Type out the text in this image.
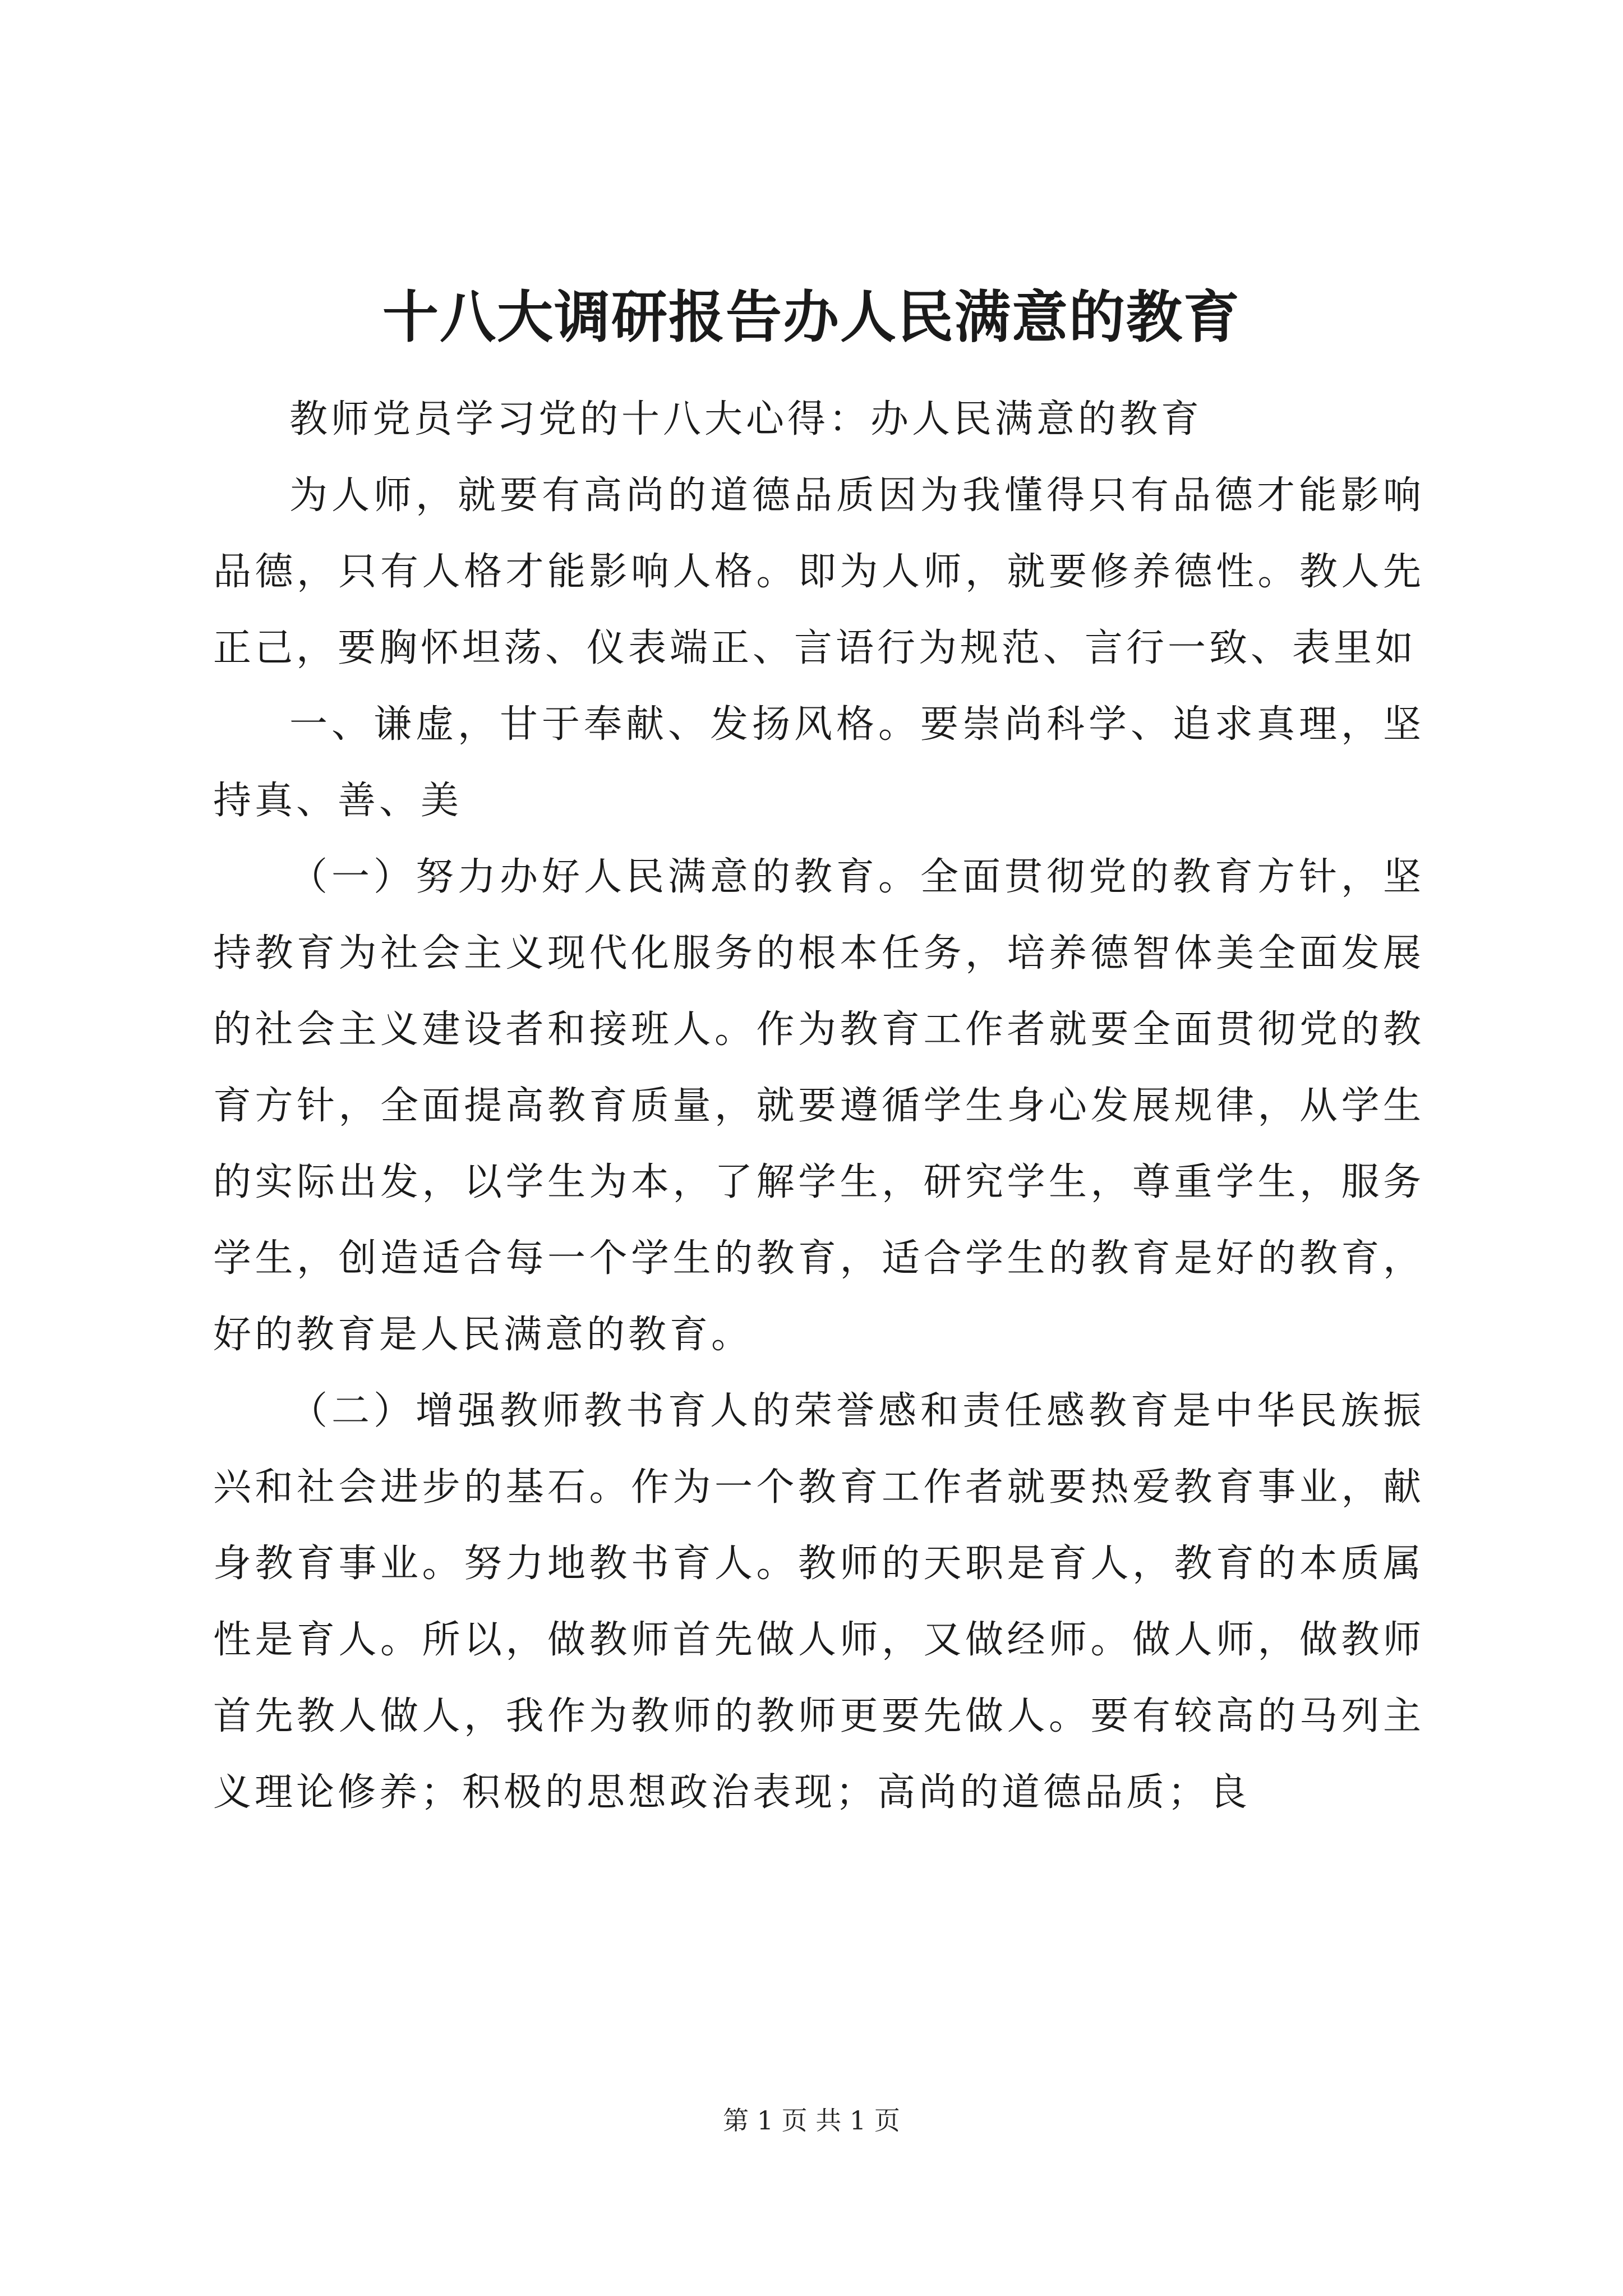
十八大调研报告办人民满意的教育

教师党员学习党的十八大心得：办人民满意的教育

为人师，就要有高尚的道德品质因为我懂得只有品德才能影响品德，只有人格才能影响人格。即为人师，就要修养德性。教人先正己，要胸怀坦荡、仪表端正、言语行为规范、言行一致、表里如

一、谦虚，甘于奉献、发扬风格。要崇尚科学、追求真理，坚持真、善、美

（一）努力办好人民满意的教育。全面贯彻党的教育方针，坚持教育为社会主义现代化服务的根本任务，培养德智体美全面发展的社会主义建设者和接班人。作为教育工作者就要全面贯彻党的教育方针，全面提高教育质量，就要遵循学生身心发展规律，从学生的实际出发，以学生为本，了解学生，研究学生，尊重学生，服务学生，创造适合每一个学生的教育，适合学生的教育是好的教育，好的教育是人民满意的教育。

（二）增强教师教书育人的荣誉感和责任感教育是中华民族振兴和社会进步的基石。作为一个教育工作者就要热爱教育事业，献身教育事业。努力地教书育人。教师的天职是育人，教育的本质属性是育人。所以，做教师首先做人师，又做经师。做人师，做教师首先教人做人，我作为教师的教师更要先做人。要有较高的马列主义理论修养；积极的思想政治表现；高尚的道德品质；良

第 1 页 共 1 页
